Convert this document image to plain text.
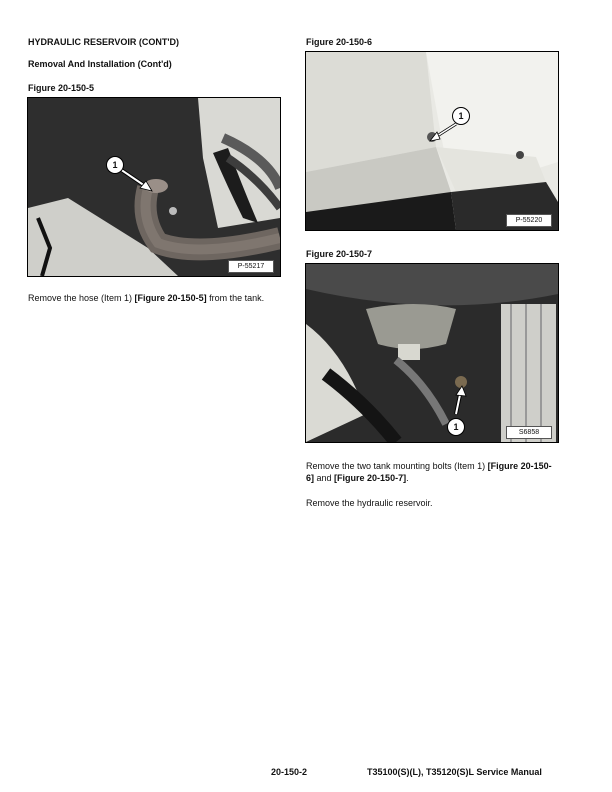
HYDRAULIC RESERVOIR (CONT'D)
Removal And Installation (Cont'd)
Figure 20-150-5
1
P-55217
Remove the hose (Item 1) [Figure 20-150-5] from the tank.
Figure 20-150-6
1
P-55220
Figure 20-150-7
1
S6858
Remove the two tank mounting bolts (Item 1) [Figure 20-150-6] and [Figure 20-150-7].
Remove the hydraulic reservoir.
20-150-2	T35100(S)(L), T35120(S)L Service Manual
